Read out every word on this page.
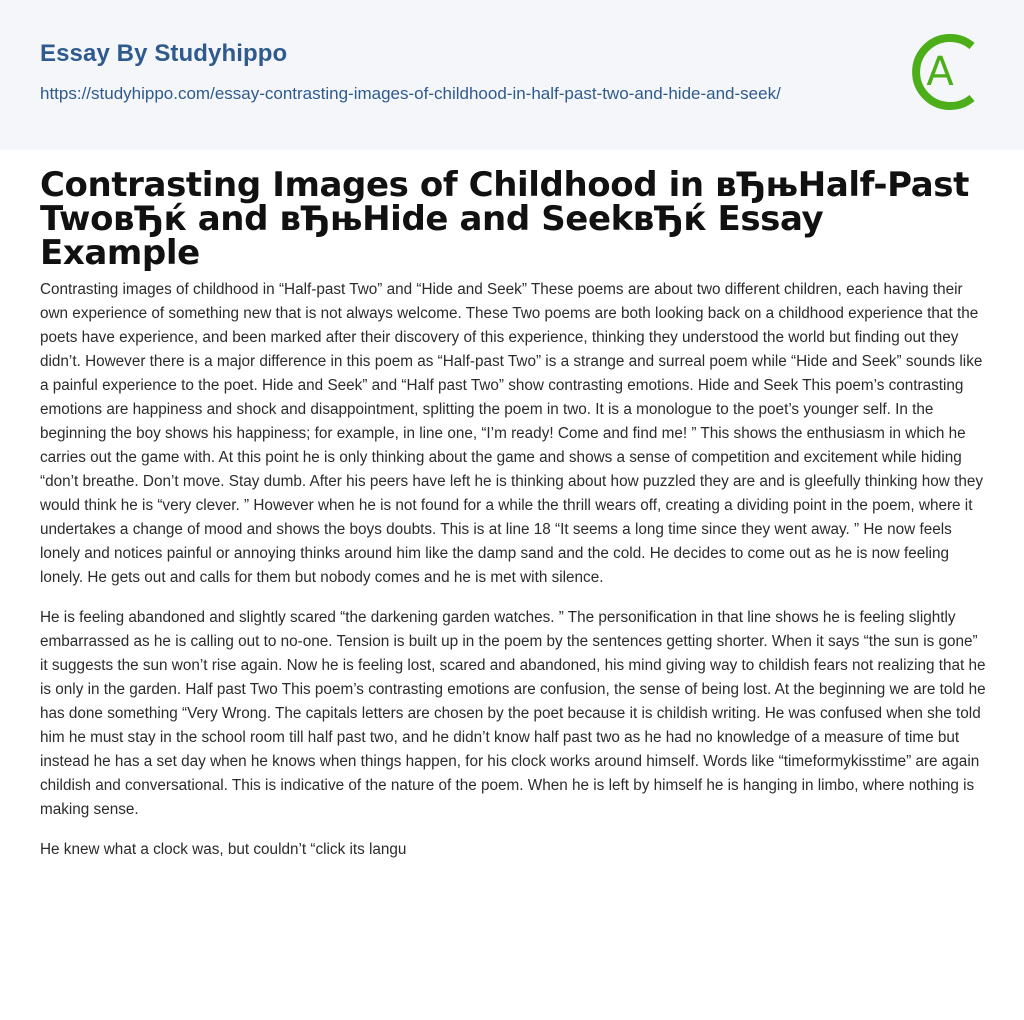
Essay By Studyhippo
https://studyhippo.com/essay-contrasting-images-of-childhood-in-half-past-two-and-hide-and-seek/	A
Contrasting Images of Childhood in вЂњHalf-Past TwoвЂќ and вЂњHide and SeekвЂќ Essay Example

Contrasting images of childhood in “Half-past Two” and “Hide and Seek” These poems are about two different children, each having their own experience of something new that is not always welcome. These Two poems are both looking back on a childhood experience that the poets have experience, and been marked after their discovery of this experience, thinking they understood the world but finding out they didn’t. However there is a major difference in this poem as “Half-past Two” is a strange and surreal poem while “Hide and Seek” sounds like a painful experience to the poet. Hide and Seek” and “Half past Two” show contrasting emotions. Hide and Seek This poem’s contrasting emotions are happiness and shock and disappointment, splitting the poem in two. It is a monologue to the poet’s younger self. In the beginning the boy shows his happiness; for example, in line one, “I’m ready! Come and find me! ” This shows the enthusiasm in which he carries out the game with. At this point he is only thinking about the game and shows a sense of competition and excitement while hiding “don’t breathe. Don’t move. Stay dumb. After his peers have left he is thinking about how puzzled they are and is gleefully thinking how they would think he is “very clever. ” However when he is not found for a while the thrill wears off, creating a dividing point in the poem, where it undertakes a change of mood and shows the boys doubts. This is at line 18 “It seems a long time since they went away. ” He now feels lonely and notices painful or annoying thinks around him like the damp sand and the cold. He decides to come out as he is now feeling lonely. He gets out and calls for them but nobody comes and he is met with silence.

He is feeling abandoned and slightly scared “the darkening garden watches. ” The personification in that line shows he is feeling slightly embarrassed as he is calling out to no-one. Tension is built up in the poem by the sentences getting shorter. When it says “the sun is gone” it suggests the sun won’t rise again. Now he is feeling lost, scared and abandoned, his mind giving way to childish fears not realizing that he is only in the garden. Half past Two This poem’s contrasting emotions are confusion, the sense of being lost. At the beginning we are told he has done something “Very Wrong. The capitals letters are chosen by the poet because it is childish writing. He was confused when she told him he must stay in the school room till half past two, and he didn’t know half past two as he had no knowledge of a measure of time but instead he has a set day when he knows when things happen, for his clock works around himself. Words like “timeformykisstime” are again childish and conversational. This is indicative of the nature of the poem. When he is left by himself he is hanging in limbo, where nothing is making sense.

He knew what a clock was, but couldn’t “click its langu
